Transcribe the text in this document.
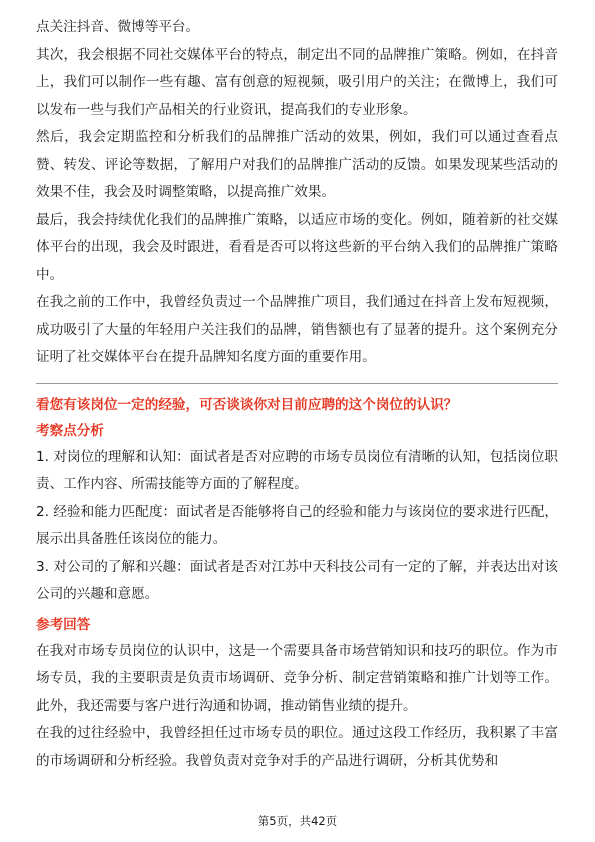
点关注抖音、微博等平台。

其次，我会根据不同社交媒体平台的特点，制定出不同的品牌推广策略。例如，在抖音上，我们可以制作一些有趣、富有创意的短视频，吸引用户的关注；在微博上，我们可以发布一些与我们产品相关的行业资讯，提高我们的专业形象。

然后，我会定期监控和分析我们的品牌推广活动的效果，例如，我们可以通过查看点赞、转发、评论等数据，了解用户对我们的品牌推广活动的反馈。如果发现某些活动的效果不佳，我会及时调整策略，以提高推广效果。

最后，我会持续优化我们的品牌推广策略，以适应市场的变化。例如，随着新的社交媒体平台的出现，我会及时跟进，看看是否可以将这些新的平台纳入我们的品牌推广策略中。

在我之前的工作中，我曾经负责过一个品牌推广项目，我们通过在抖音上发布短视频，成功吸引了大量的年轻用户关注我们的品牌，销售额也有了显著的提升。这个案例充分证明了社交媒体平台在提升品牌知名度方面的重要作用。

看您有该岗位一定的经验，可否谈谈你对目前应聘的这个岗位的认识？

考察点分析

1. 对岗位的理解和认知：面试者是否对应聘的市场专员岗位有清晰的认知，包括岗位职责、工作内容、所需技能等方面的了解程度。

2. 经验和能力匹配度：面试者是否能够将自己的经验和能力与该岗位的要求进行匹配，展示出具备胜任该岗位的能力。

3. 对公司的了解和兴趣：面试者是否对江苏中天科技公司有一定的了解，并表达出对该公司的兴趣和意愿。

参考回答

在我对市场专员岗位的认识中，这是一个需要具备市场营销知识和技巧的职位。作为市场专员，我的主要职责是负责市场调研、竞争分析、制定营销策略和推广计划等工作。此外，我还需要与客户进行沟通和协调，推动销售业绩的提升。

在我的过往经验中，我曾经担任过市场专员的职位。通过这段工作经历，我积累了丰富的市场调研和分析经验。我曾负责对竞争对手的产品进行调研，分析其优势和

第5页，共42页
